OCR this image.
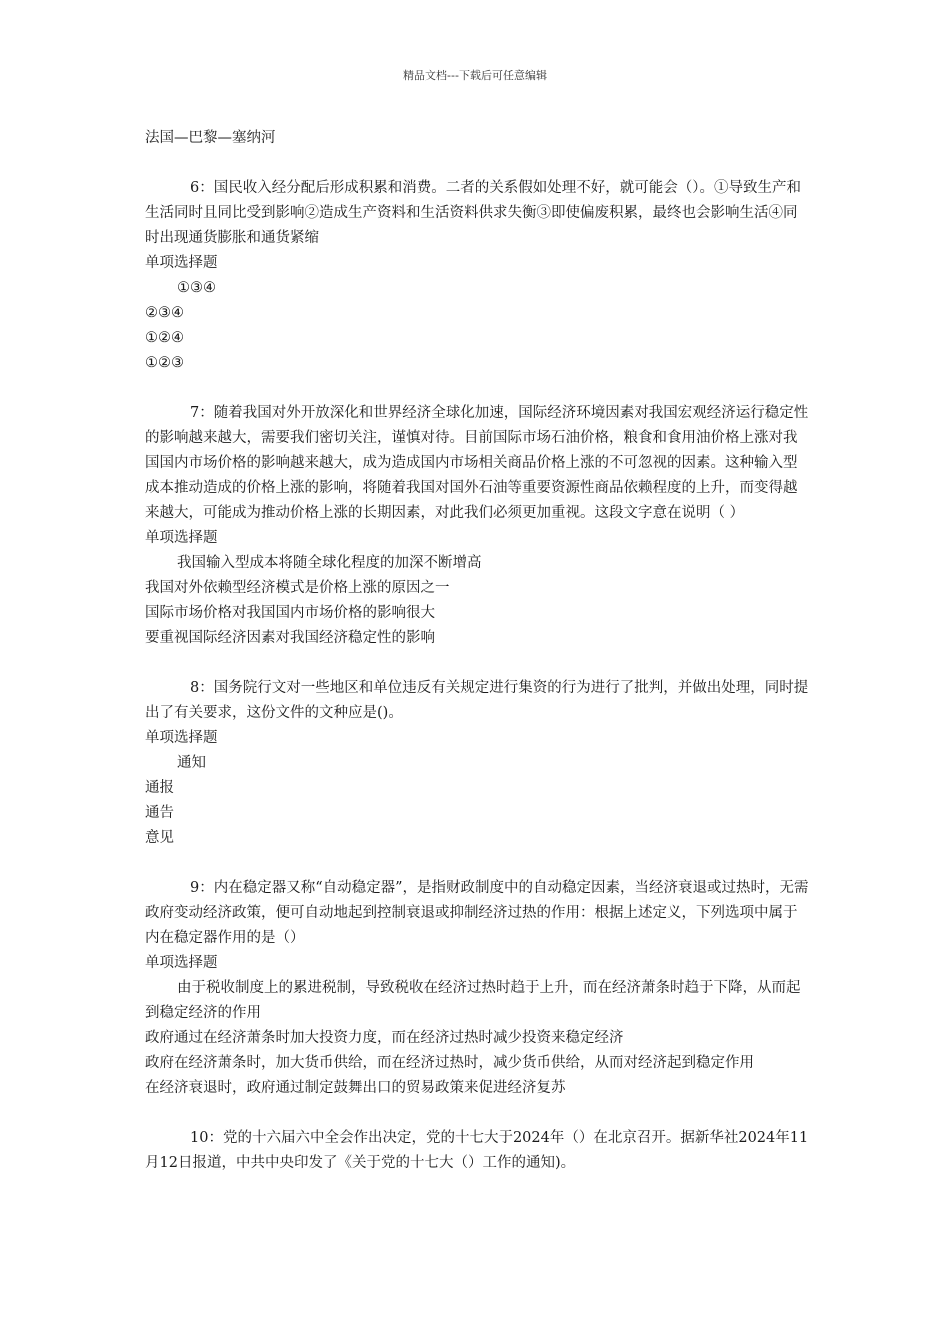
精品文档---下载后可任意编辑

法国—巴黎—塞纳河

6：国民收入经分配后形成积累和消费。二者的关系假如处理不好，就可能会（）。①导致生产和生活同时且同比受到影响②造成生产资料和生活资料供求失衡③即使偏废积累，最终也会影响生活④同时出现通货膨胀和通货紧缩

单项选择题

①③④

②③④

①②④

①②③

7：随着我国对外开放深化和世界经济全球化加速，国际经济环境因素对我国宏观经济运行稳定性的影响越来越大，需要我们密切关注，谨慎对待。目前国际市场石油价格，粮食和食用油价格上涨对我国国内市场价格的影响越来越大，成为造成国内市场相关商品价格上涨的不可忽视的因素。这种输入型成本推动造成的价格上涨的影响，将随着我国对国外石油等重要资源性商品依赖程度的上升，而变得越来越大，可能成为推动价格上涨的长期因素，对此我们必须更加重视。这段文字意在说明（ ）

单项选择题

我国输入型成本将随全球化程度的加深不断增高

我国对外依赖型经济模式是价格上涨的原因之一

国际市场价格对我国国内市场价格的影响很大

要重视国际经济因素对我国经济稳定性的影响

8：国务院行文对一些地区和单位违反有关规定进行集资的行为进行了批判，并做出处理，同时提出了有关要求，这份文件的文种应是()。

单项选择题

通知

通报

通告

意见

9：内在稳定器又称“自动稳定器”，是指财政制度中的自动稳定因素，当经济衰退或过热时，无需政府变动经济政策，便可自动地起到控制衰退或抑制经济过热的作用：根据上述定义，下列选项中属于内在稳定器作用的是（）

单项选择题

由于税收制度上的累进税制，导致税收在经济过热时趋于上升，而在经济萧条时趋于下降，从而起到稳定经济的作用

政府通过在经济萧条时加大投资力度，而在经济过热时减少投资来稳定经济

政府在经济萧条时，加大货币供给，而在经济过热时，减少货币供给，从而对经济起到稳定作用

在经济衰退时，政府通过制定鼓舞出口的贸易政策来促进经济复苏

10：党的十六届六中全会作出决定，党的十七大于2024年（）在北京召开。据新华社2024年11月12日报道，中共中央印发了《关于党的十七大（）工作的通知)。
